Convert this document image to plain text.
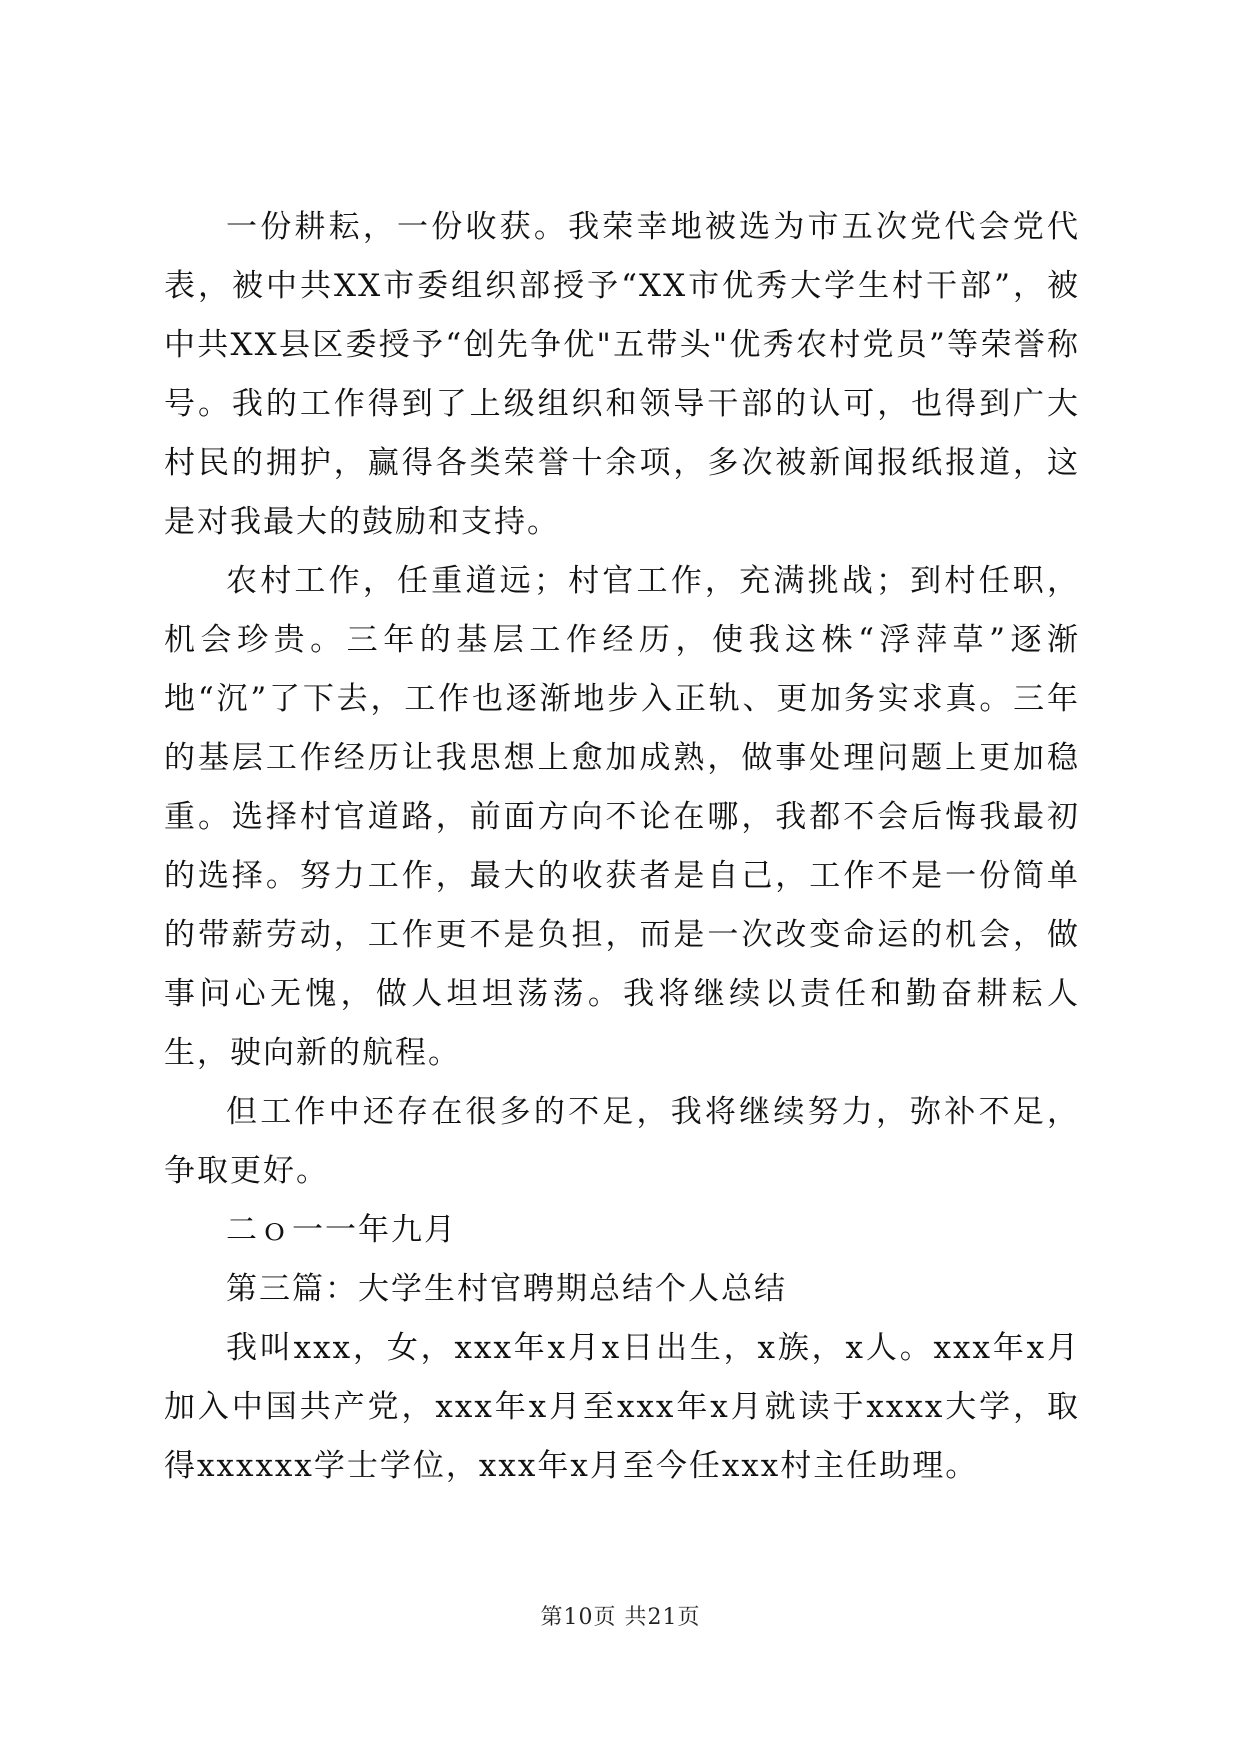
一份耕耘，一份收获。我荣幸地被选为市五次党代会党代表，被中共XX市委组织部授予“XX市优秀大学生村干部”，被中共XX县区委授予“创先争优"五带头"优秀农村党员”等荣誉称号。我的工作得到了上级组织和领导干部的认可，也得到广大村民的拥护，赢得各类荣誉十余项，多次被新闻报纸报道，这是对我最大的鼓励和支持。

农村工作，任重道远；村官工作，充满挑战；到村任职，机会珍贵。三年的基层工作经历，使我这株“浮萍草”逐渐地“沉”了下去，工作也逐渐地步入正轨、更加务实求真。三年的基层工作经历让我思想上愈加成熟，做事处理问题上更加稳重。选择村官道路，前面方向不论在哪，我都不会后悔我最初的选择。努力工作，最大的收获者是自己，工作不是一份简单的带薪劳动，工作更不是负担，而是一次改变命运的机会，做事问心无愧，做人坦坦荡荡。我将继续以责任和勤奋耕耘人生，驶向新的航程。

但工作中还存在很多的不足，我将继续努力，弥补不足，争取更好。

二ｏ一一年九月

第三篇：大学生村官聘期总结个人总结

我叫xxx，女，xxx年x月x日出生，x族，x人。xxx年x月加入中国共产党，xxx年x月至xxx年x月就读于xxxx大学，取得xxxxxx学士学位，xxx年x月至今任xxx村主任助理。

第10页 共21页
